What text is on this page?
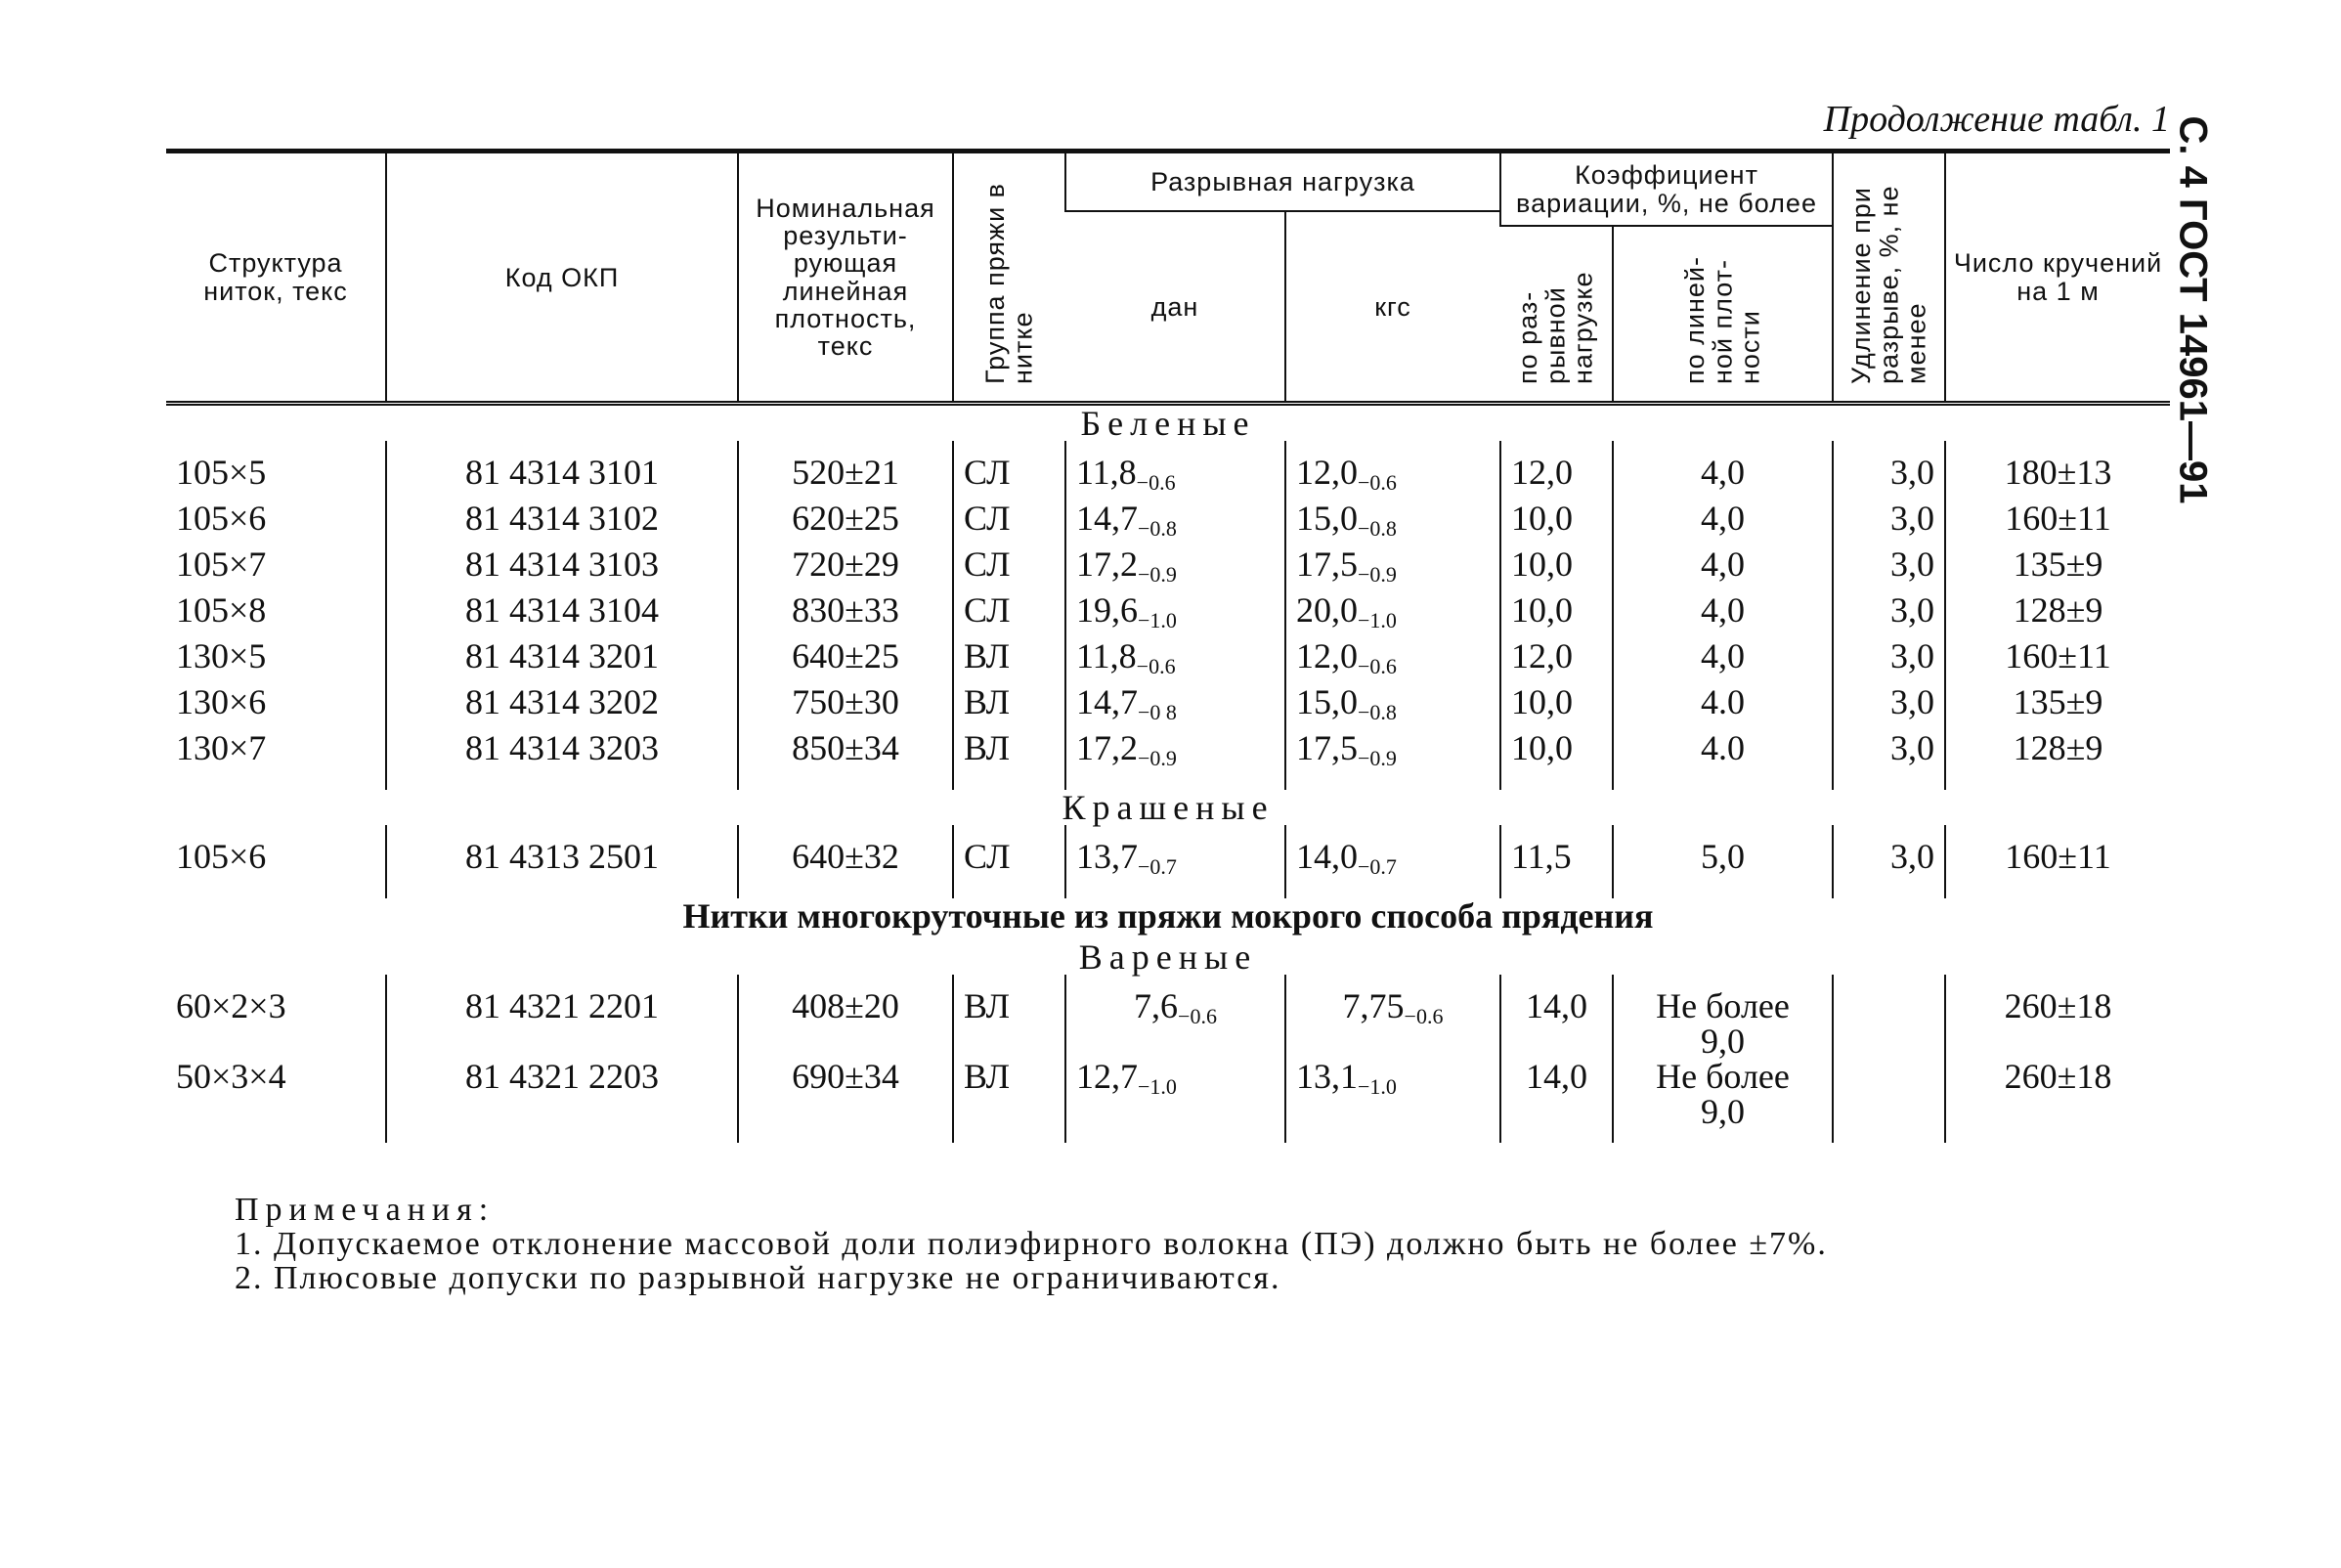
Продолжение табл. 1 С. 4 ГОСТ 14961—91
Структура ниток, текс	Код ОКП	Номинальная результи-рующая линейная плотность, текс	Группа пряжи в нитке	Разрывная нагрузка		Коэффициент вариации, %, не более		Удлинение при разрыве, %, не менее	Число кручений на 1 м
				дан	кгс				
						по раз-рывной нагрузке	по линей-ной плот-ности		
Беленые									
105×5	81 4314 3101	520±21	СЛ	$11,8_{-0.6}$	$12,0_{-0.6}$	12,0	4,0	3,0	180±13
105×6	81 4314 3102	620±25	СЛ	$14,7_{-0.8}$	$15,0_{-0.8}$	10,0	4,0	3,0	160±11
105×7	81 4314 3103	720±29	СЛ	$17,2_{-0.9}$	$17,5_{-0.9}$	10,0	4,0	3,0	135±9
105×8	81 4314 3104	830±33	СЛ	$19,6_{-1.0}$	$20,0_{-1.0}$	10,0	4,0	3,0	128±9
130×5	81 4314 3201	640±25	ВЛ	$11,8_{-0.6}$	$12,0_{-0.6}$	12,0	4,0	3,0	160±11
130×6	81 4314 3202	750±30	ВЛ	$14,7_{-0 8}$	$15,0_{-0.8}$	10,0	4.0	3,0	135±9
130×7	81 4314 3203	850±34	ВЛ	$17,2_{-0.9}$	$17,5_{-0.9}$	10,0	4.0	3,0	128±9
Крашеные									
105×6	81 4313 2501	640±32	СЛ	$13,7_{-0.7}$	$14,0_{-0.7}$	11,5	5,0	3,0	160±11
Нитки многокруточные из пряжи мокрого способа прядения									
Вареные									
60×2×3	81 4321 2201	408±20	ВЛ	$7,6_{-0.6}$	$7,75_{-0.6}$	14,0	Не более 9,0		260±18
50×3×4	81 4321 2203	690±34	ВЛ	$12,7_{-1.0}$	$13,1_{-1.0}$	14,0	Не более 9,0		260±18
Примечания:
1. Допускаемое отклонение массовой доли полиэфирного волокна (ПЭ) должно быть не более ±7%.
2. Плюсовые допуски по разрывной нагрузке не ограничиваются.
